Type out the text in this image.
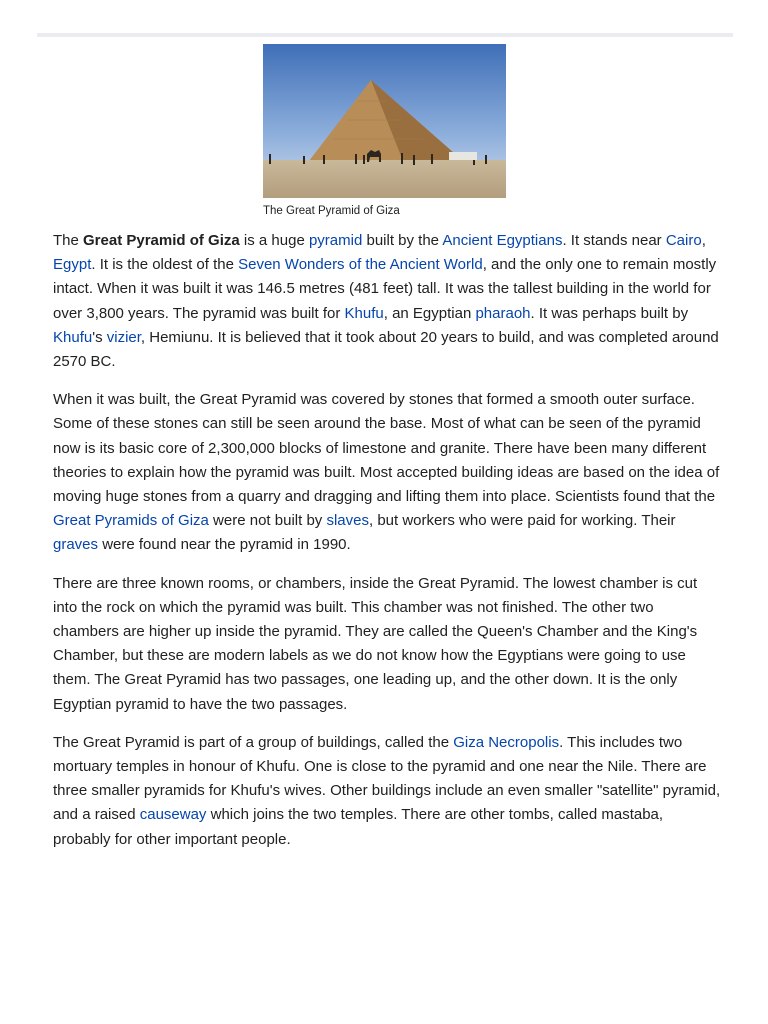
The Great Pyramid of Giza

The Great Pyramid of Giza is a huge pyramid built by the Ancient Egyptians. It stands near Cairo, Egypt. It is the oldest of the Seven Wonders of the Ancient World, and the only one to remain mostly intact. When it was built it was 146.5 metres (481 feet) tall. It was the tallest building in the world for over 3,800 years. The pyramid was built for Khufu, an Egyptian pharaoh. It was perhaps built by Khufu's vizier, Hemiunu. It is believed that it took about 20 years to build, and was completed around 2570 BC.

When it was built, the Great Pyramid was covered by stones that formed a smooth outer surface. Some of these stones can still be seen around the base. Most of what can be seen of the pyramid now is its basic core of 2,300,000 blocks of limestone and granite. There have been many different theories to explain how the pyramid was built. Most accepted building ideas are based on the idea of moving huge stones from a quarry and dragging and lifting them into place. Scientists found that the Great Pyramids of Giza were not built by slaves, but workers who were paid for working. Their graves were found near the pyramid in 1990.

There are three known rooms, or chambers, inside the Great Pyramid. The lowest chamber is cut into the rock on which the pyramid was built. This chamber was not finished. The other two chambers are higher up inside the pyramid. They are called the Queen's Chamber and the King's Chamber, but these are modern labels as we do not know how the Egyptians were going to use them. The Great Pyramid has two passages, one leading up, and the other down. It is the only Egyptian pyramid to have the two passages.

The Great Pyramid is part of a group of buildings, called the Giza Necropolis. This includes two mortuary temples in honour of Khufu. One is close to the pyramid and one near the Nile. There are three smaller pyramids for Khufu's wives. Other buildings include an even smaller "satellite" pyramid, and a raised causeway which joins the two temples. There are other tombs, called mastaba, probably for other important people.
